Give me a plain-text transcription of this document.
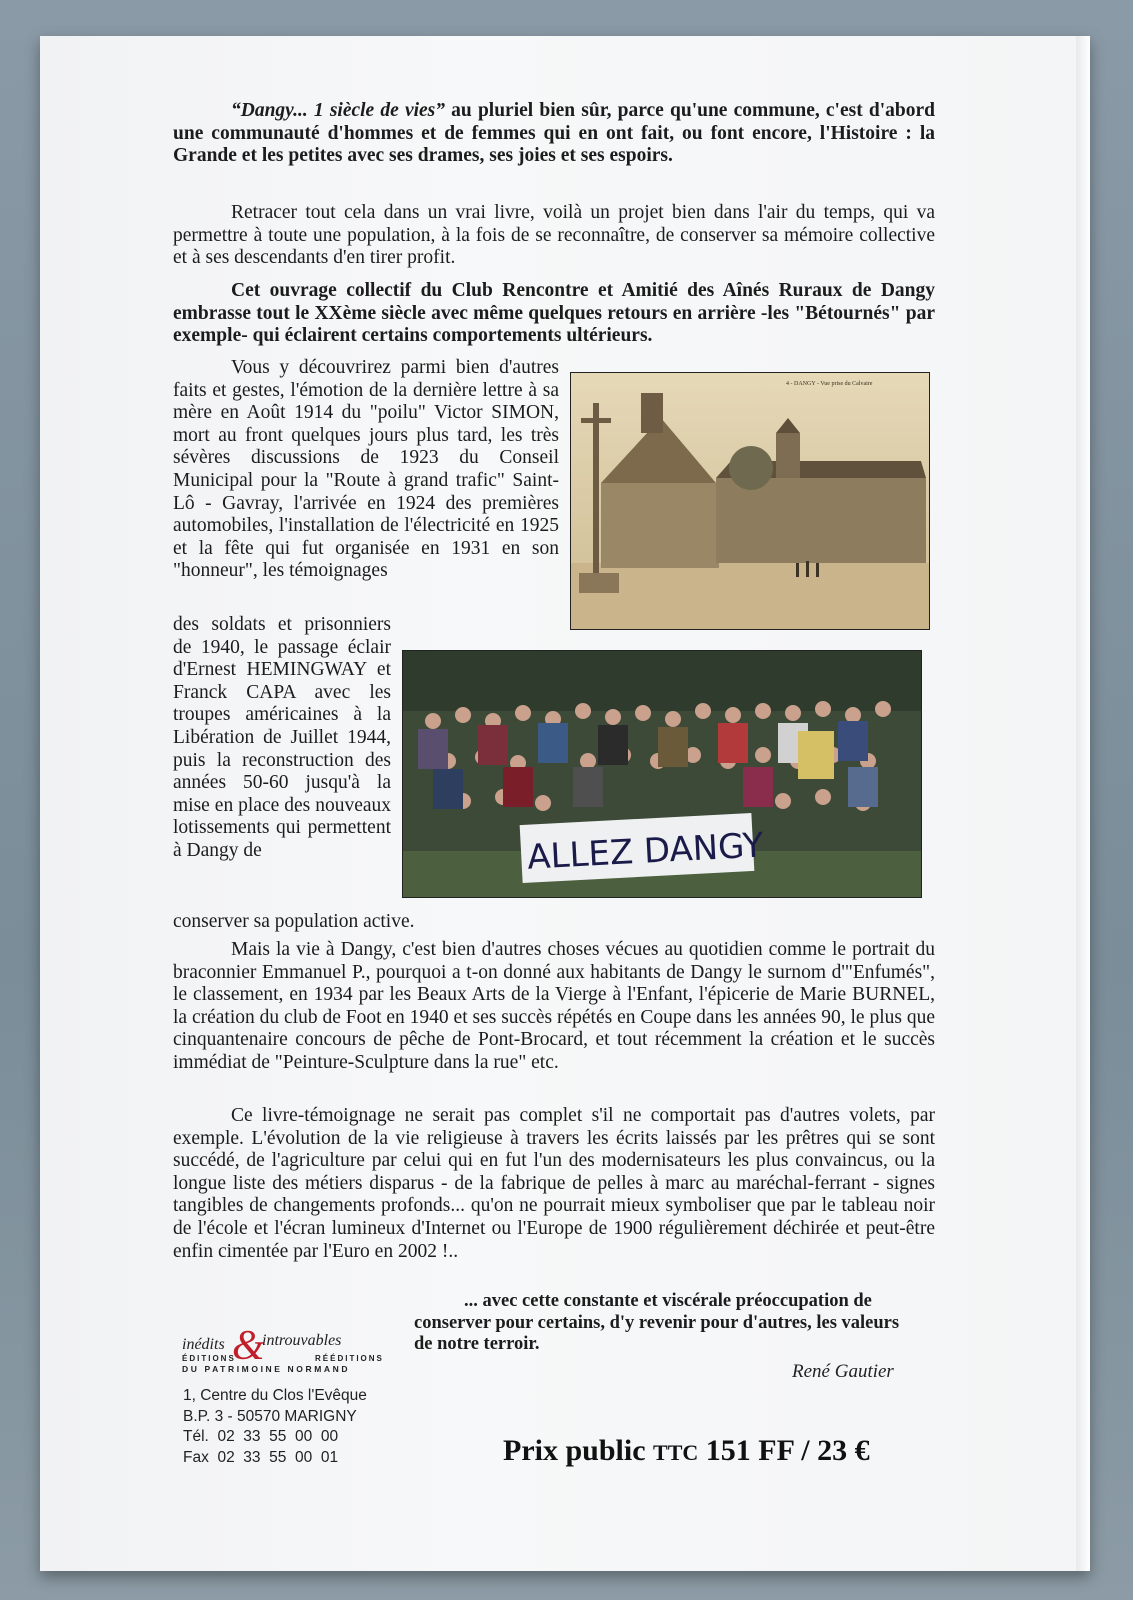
“Dangy... 1 siècle de vies” au pluriel bien sûr, parce qu'une commune, c'est d'abord une communauté d'hommes et de femmes qui en ont fait, ou font encore, l'Histoire : la Grande et les petites avec ses drames, ses joies et ses espoirs.

Retracer tout cela dans un vrai livre, voilà un projet bien dans l'air du temps, qui va permettre à toute une population, à la fois de se reconnaître, de conserver sa mémoire collective et à ses descendants d'en tirer profit.

Cet ouvrage collectif du Club Rencontre et Amitié des Aînés Ruraux de Dangy embrasse tout le XXème siècle avec même quelques retours en arrière -les "Bétournés" par exemple- qui éclairent certains comportements ultérieurs.

Vous y découvrirez parmi bien d'autres faits et gestes, l'émotion de la dernière lettre à sa mère en Août 1914 du "poilu" Victor SIMON, mort au front quelques jours plus tard, les très sévères discussions de 1923 du Conseil Municipal pour la "Route à grand trafic" Saint-Lô - Gavray, l'arrivée en 1924 des premières automobiles, l'installation de l'électricité en 1925 et la fête qui fut organisée en 1931 en son "honneur", les témoignages

des soldats et prisonniers de 1940, le passage éclair d'Ernest HEMINGWAY et Franck CAPA avec les troupes américaines à la Libération de Juillet 1944, puis la reconstruction des années 50-60 jusqu'à la mise en place des nouveaux lotissements qui permettent à Dangy de

conserver sa population active.

4 - DANGY - Vue prise du Calvaire
ALLEZ DANGY

Mais la vie à Dangy, c'est bien d'autres choses vécues au quotidien comme le portrait du braconnier Emmanuel P., pourquoi a t-on donné aux habitants de Dangy le surnom d'"Enfumés", le classement, en 1934 par les Beaux Arts de la Vierge à l'Enfant, l'épicerie de Marie BURNEL, la création du club de Foot en 1940 et ses succès répétés en Coupe dans les années 90, le plus que cinquantenaire concours de pêche de Pont-Brocard, et tout récemment la création et le succès immédiat de "Peinture-Sculpture dans la rue" etc.

Ce livre-témoignage ne serait pas complet s'il ne comportait pas d'autres volets, par exemple. L'évolution de la vie religieuse à travers les écrits laissés par les prêtres qui se sont succédé, de l'agriculture par celui qui en fut l'un des modernisateurs les plus convaincus, ou la longue liste des métiers disparus - de la fabrique de pelles à marc au maréchal-ferrant - signes tangibles de changements profonds... qu'on ne pourrait mieux symboliser que par le tableau noir de l'école et l'écran lumineux d'Internet ou l'Europe de 1900 régulièrement déchirée et peut-être enfin cimentée par l'Euro en 2002 !..

... avec cette constante et viscérale préoccupation de conserver pour certains, d'y revenir pour d'autres, les valeurs de notre terroir.

René Gautier
inédits &
introuvables
ÉDITIONS	RÉÉDITIONS
DU PATRIMOINE NORMAND
1, Centre du Clos l'Evêque
B.P. 3 - 50570 MARIGNY
Tél.  02  33  55  00  00
Fax  02  33  55  00  01	Prix public TTC 151 FF / 23 €
